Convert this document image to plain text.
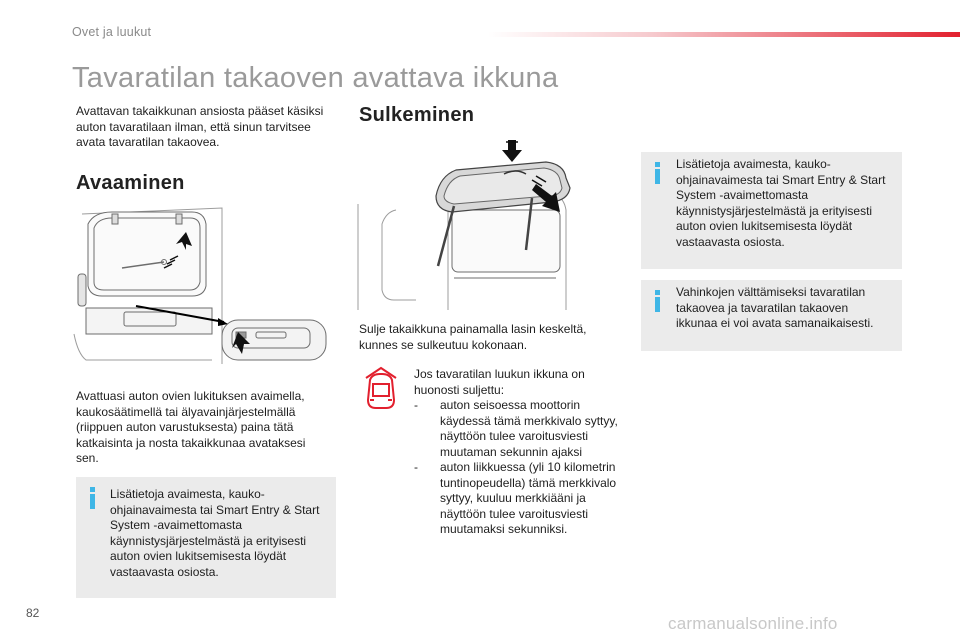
Ovet ja luukut
Tavaratilan takaoven avattava ikkuna
Avattavan takaikkunan ansiosta pääset käsiksi auton tavaratilaan ilman, että sinun tarvitsee avata tavaratilan takaovea.
Avaaminen
Avattuasi auton ovien lukituksen avaimella, kaukosäätimellä tai älyavainjärjestelmällä (riippuen auton varustuksesta) paina tätä katkaisinta ja nosta takaikkunaa avataksesi sen.
Lisätietoja avaimesta, kauko-ohjainavaimesta tai Smart Entry & Start System -avaimettomasta käynnistysjärjestelmästä ja erityisesti auton ovien lukitsemisesta löydät vastaavasta osiosta.
Sulkeminen
Sulje takaikkuna painamalla lasin keskeltä, kunnes se sulkeutuu kokonaan.
Jos tavaratilan luukun ikkuna on huonosti suljettu:
- auton seisoessa moottorin käydessä tämä merkkivalo syttyy, näyttöön tulee varoitusviesti muutaman sekunnin ajaksi
- auton liikkuessa (yli 10 kilometrin tuntinopeudella) tämä merkkivalo syttyy, kuuluu merkkiääni ja näyttöön tulee varoitusviesti muutamaksi sekunniksi.
Lisätietoja avaimesta, kauko-ohjainavaimesta tai Smart Entry & Start System -avaimettomasta käynnistysjärjestelmästä ja erityisesti auton ovien lukitsemisesta löydät vastaavasta osiosta.
Vahinkojen välttämiseksi tavaratilan takaovea ja tavaratilan takaoven ikkunaa ei voi avata samanaikaisesti.
82
carmanualsonline.info
